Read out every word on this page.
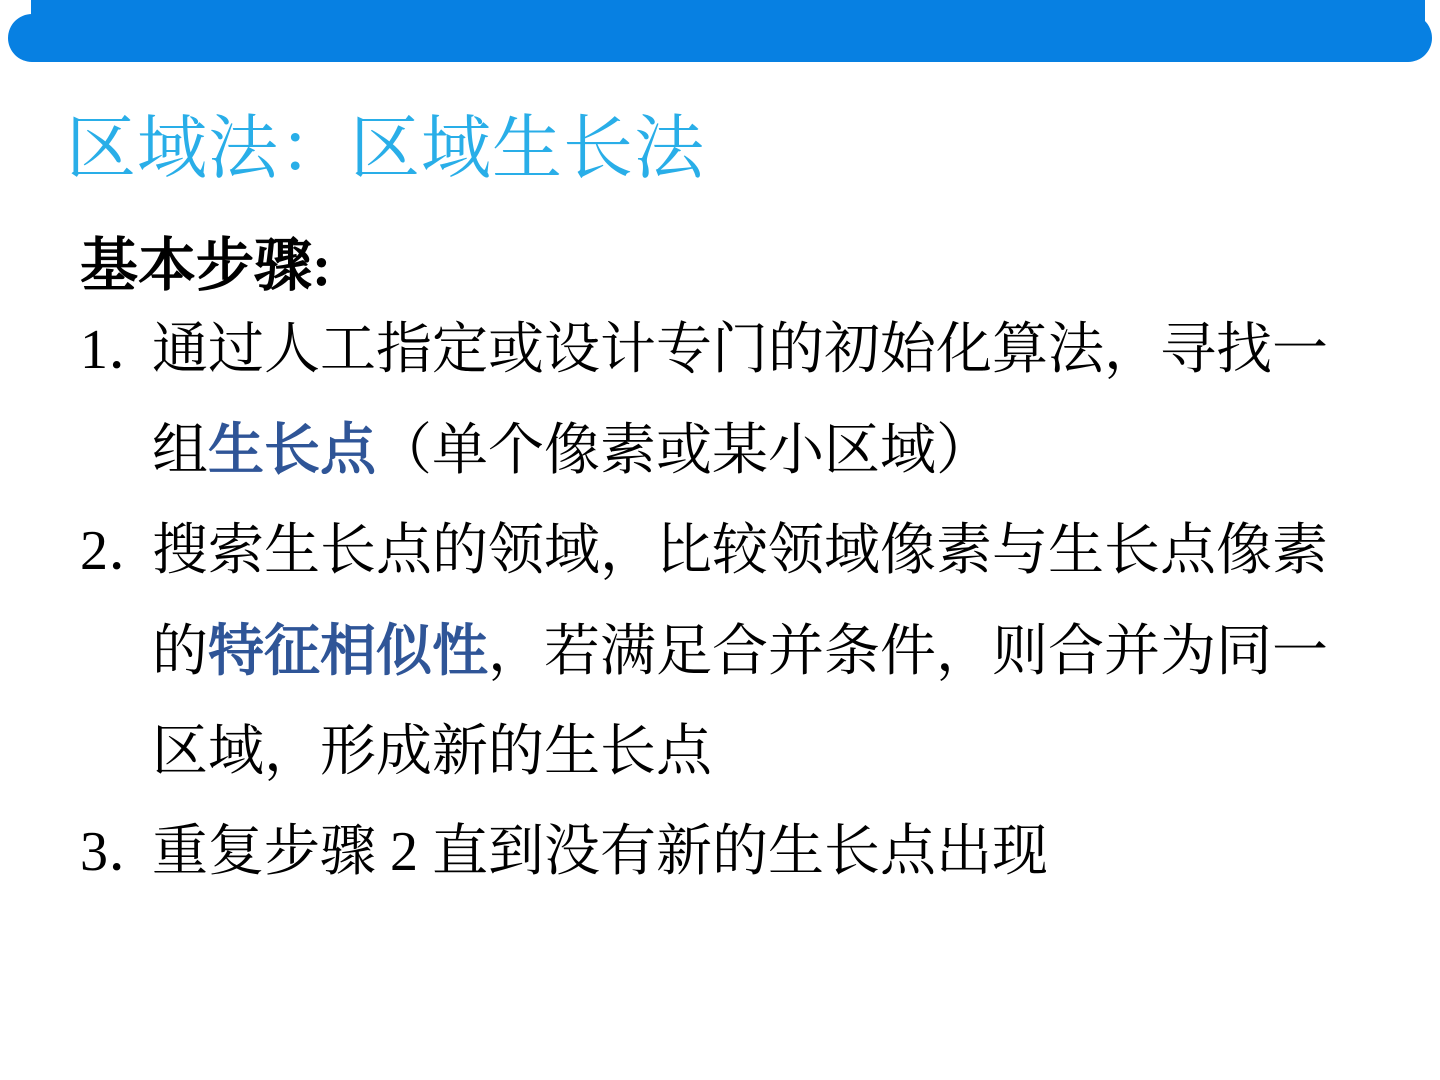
区域法：区域生长法
基本步骤:
1．
通过人工指定或设计专门的初始化算法，寻找一
组生长点（单个像素或某小区域）
2．
搜索生长点的领域，比较领域像素与生长点像素
的特征相似性，若满足合并条件，则合并为同一
区域，形成新的生长点
3．
重复步骤 2 直到没有新的生长点出现
